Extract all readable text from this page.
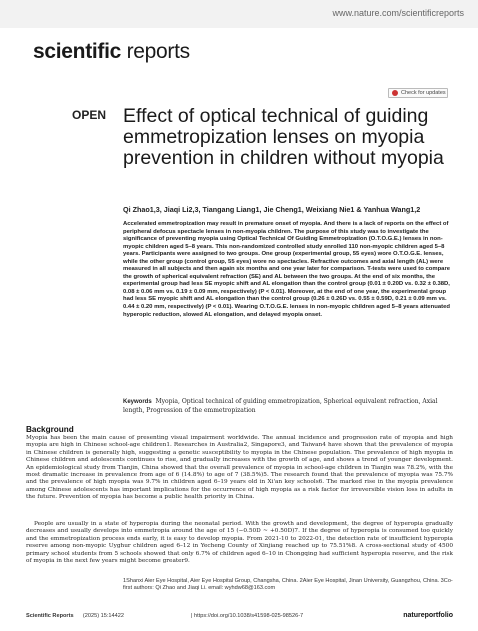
www.nature.com/scientificreports
scientific reports
OPEN
Check for updates
Effect of optical technical of guiding emmetropization lenses on myopia prevention in children without myopia
Qi Zhao1,3, Jiaqi Li2,3, Tiangang Liang1, Jie Cheng1, Weixiang Nie1 & Yanhua Wang1,2

Accelerated emmetropization may result in premature onset of myopia. And there is a lack of reports on the effect of peripheral defocus spectacle lenses in non-myopia children. The purpose of this study was to investigate the significance of preventing myopia using Optical Technical Of Guiding Emmetropization (O.T.O.G.E.) lenses in non-myopic children aged 5–8 years. This non-randomized controlled study enrolled 110 non-myopic children aged 5–8 years. Participants were assigned to two groups. One group (experimental group, 55 eyes) wore O.T.O.G.E. lenses, while the other group (control group, 55 eyes) wore no spectacles. Refractive outcomes and axial length (AL) were measured in all subjects and then again six months and one year later for comparison. T-tests were used to compare the growth of spherical equivalent refraction (SE) and AL between the two groups. At the end of six months, the experimental group had less SE myopic shift and AL elongation than the control group (0.01 ± 0.20D vs. 0.32 ± 0.38D, 0.08 ± 0.06 mm vs. 0.19 ± 0.09 mm, respectively) (P < 0.01). Moreover, at the end of one year, the experimental group had less SE myopic shift and AL elongation than the control group (0.26 ± 0.26D vs. 0.55 ± 0.59D, 0.21 ± 0.09 mm vs. 0.44 ± 0.20 mm, respectively) (P < 0.01). Wearing O.T.O.G.E. lenses in non-myopic children aged 5–8 years attenuated hyperopic reduction, slowed AL elongation, and delayed myopia onset.

Keywords Myopia, Optical technical of guiding emmetropization, Spherical equivalent refraction, Axial length, Progression of the emmetropization

Background

Myopia has been the main cause of presenting visual impairment worldwide. The annual incidence and progression rate of myopia and high myopia are high in Chinese school-age children1. Researches in Australia2, Singapore3, and Taiwan4 have shown that the prevalence of myopia in Chinese children is generally high, suggesting a genetic susceptibility to myopia in the Chinese population. The prevalence of high myopia in Chinese children and adolescents continues to rise, and gradually increases with the growth of age, and shows a trend of younger development. An epidemiological study from Tianjin, China showed that the overall prevalence of myopia in school-age children in Tianjin was 78.2%, with the most dramatic increase in prevalence from age of 6 (14.8%) to age of 7 (38.5%)5. The research found that the prevalence of myopia was 75.7% and the prevalence of high myopia was 9.7% in children aged 6–19 years old in Xi'an key schools6. The marked rise in the myopia prevalence among Chinese adolescents has important implications for the occurrence of high myopia as a risk factor for irreversible vision loss in adults in the future. Prevention of myopia has become a public health priority in China.

People are usually in a state of hyperopia during the neonatal period. With the growth and development, the degree of hyperopia gradually decreases and usually develops into emmetropia around the age of 15 (−0.50D ~ +0.50D)7. If the degree of hyperopia is consumed too quickly and the emmetropization process ends early, it is easy to develop myopia. From 2021-10 to 2022-01, the detection rate of insufficient hyperopia reserve among non-myopic Uyghur children aged 6–12 in Yecheng County of Xinjiang reached up to 75.51%8. A cross-sectional study of 4500 primary school students from 5 schools showed that only 6.7% of children aged 6–10 in Chongqing had sufficient hyperopia reserve, and the risk of myopia in the next few years might become greater9.

1Shanxi Aier Eye Hospital, Aier Eye Hospital Group, Changsha, China. 2Aier Eye Hospital, Jinan University, Guangzhou, China. 3Co-first authors: Qi Zhao and Jiaqi Li. email: wyhdw68@163.com

Scientific Reports (2025) 15:14422	| https://doi.org/10.1038/s41598-025-98526-7	natureportfolio
